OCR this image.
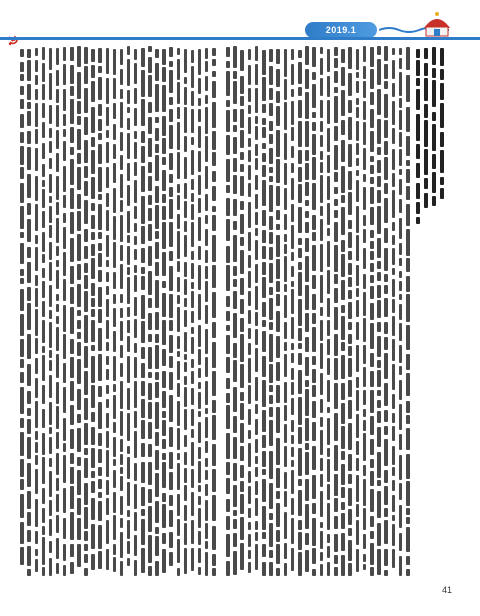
2019.1
41
